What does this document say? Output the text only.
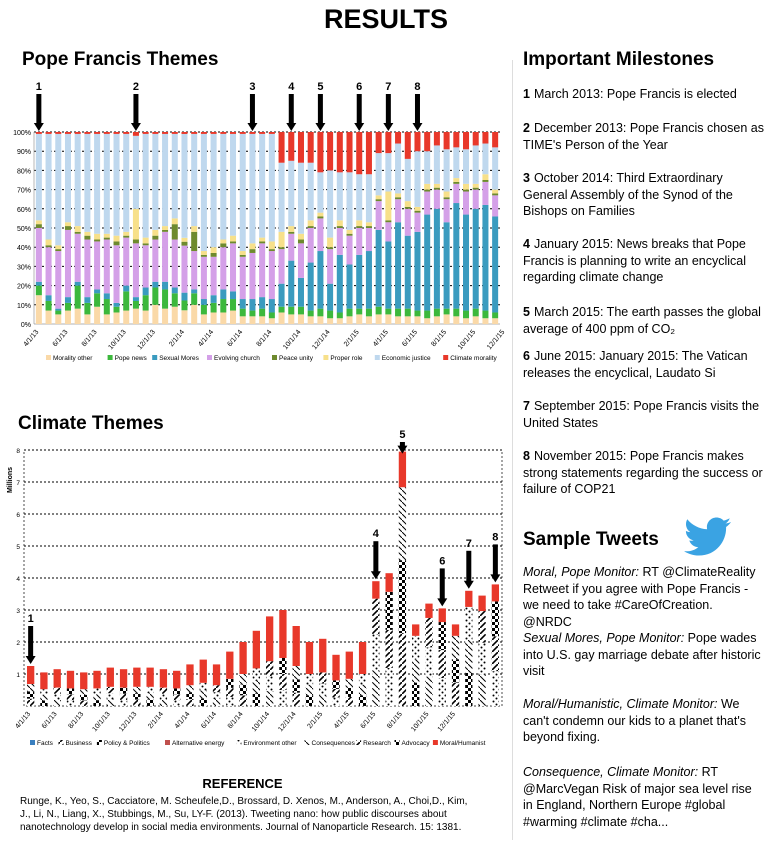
RESULTS
Pope Francis Themes
0%
10%
20%
30%
40%
50%
60%
70%
80%
90%
100%
4/1/13 6/1/13 8/1/13 10/1/13 12/1/13 2/1/14 4/1/14 6/1/14 8/1/14 10/1/14 12/1/14 2/1/15 4/1/15 6/1/15 8/1/15 10/1/15 12/1/15
Morality other	Pope news Sexual Mores Evolving church	Peace unity	Proper role	Economic justice	Climate morality
1	2	3	4 5	6 7 8
Climate Themes
1
2
3
4
5
6
7
8
Millions
4/1/13 6/1/13 8/1/13 10/1/13 12/1/13 2/1/14 4/1/14 6/1/14 8/1/14 10/1/14 12/1/14 2/1/15 4/1/15 6/1/15 8/1/15 10/1/15 12/1/15
Facts Business Policy & Politics	Alternative energy	Environment other Consequences Research Advocacy Moral/Humanist
1
4
5
6
7
8
Important Milestones
1 March 2013: Pope Francis is elected
2 December 2013: Pope Francis chosen as TIME's Person of the Year
3 October 2014: Third Extraordinary General Assembly of the Synod of the Bishops on Families
4 January 2015: News breaks that Pope Francis is planning to write an encyclical regarding climate change
5 March 2015: The earth passes the global average of 400 ppm of CO₂
6 June 2015: January 2015: The Vatican releases the encyclical, Laudato Si
7 September 2015: Pope Francis visits the United States
8 November 2015: Pope Francis makes strong statements regarding the success or failure of COP21
Sample Tweets
Moral, Pope Monitor: RT @ClimateReality Retweet if you agree with Pope Francis - we need to take #CareOfCreation. @NRDC
Sexual Mores, Pope Monitor: Pope wades into U.S. gay marriage debate after historic visit
Moral/Humanistic, Climate Monitor: We can't condemn our kids to a planet that's beyond fixing.
Consequence, Climate Monitor: RT @MarcVegan Risk of major sea level rise in England, Northern Europe #global #warming #climate #cha...
REFERENCE
Runge, K., Yeo, S., Cacciatore, M. Scheufele,D., Brossard, D. Xenos, M., Anderson, A., Choi,D., Kim, J., Li, N., Liang, X., Stubbings, M., Su, LY-F. (2013). Tweeting nano: how public discourses about nanotechnology develop in social media environments. Journal of Nanoparticle Research. 15: 1381.
